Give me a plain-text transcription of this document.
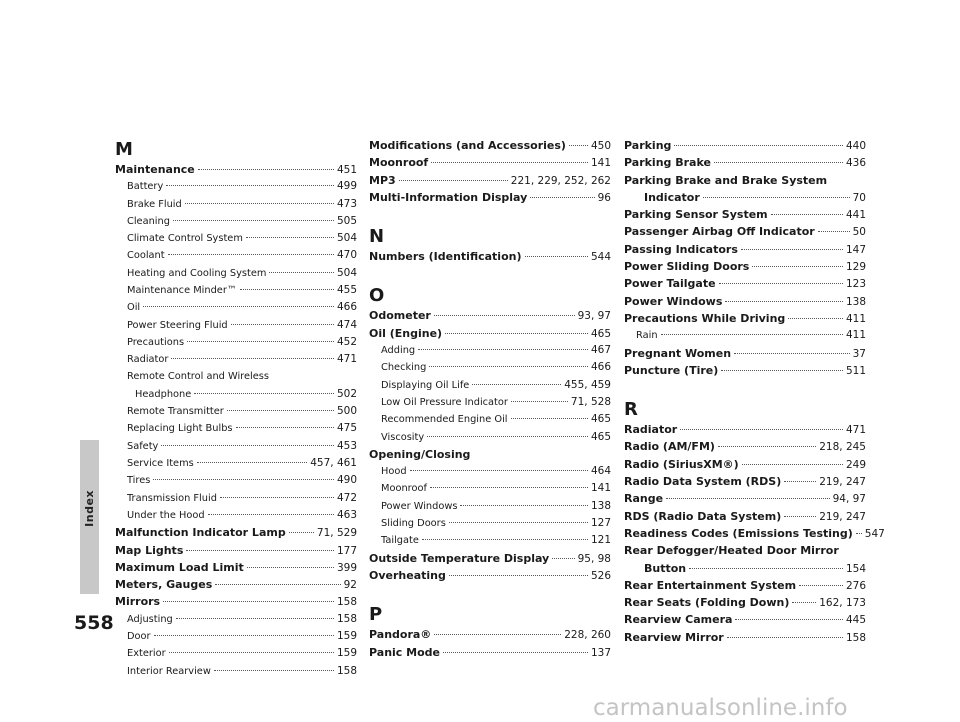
Index
558
M
Maintenance	451
Battery	499
Brake Fluid	473
Cleaning	505
Climate Control System	504
Coolant	470
Heating and Cooling System	504
Maintenance Minder™	455
Oil	466
Power Steering Fluid	474
Precautions	452
Radiator	471
Remote Control and Wireless
Headphone	502
Remote Transmitter	500
Replacing Light Bulbs	475
Safety	453
Service Items	457, 461
Tires	490
Transmission Fluid	472
Under the Hood	463
Malfunction Indicator Lamp	71, 529
Map Lights	177
Maximum Load Limit	399
Meters, Gauges	92
Mirrors	158
Adjusting	158
Door	159
Exterior	159
Interior Rearview	158
Modifications (and Accessories) 450
Moonroof	141
MP3	221, 229, 252, 262
Multi-Information Display	96
N
Numbers (Identification)	544
O
Odometer	93, 97
Oil (Engine)	465
Adding	467
Checking	466
Displaying Oil Life	455, 459
Low Oil Pressure Indicator	71, 528
Recommended Engine Oil	465
Viscosity	465
Opening/Closing
Hood	464
Moonroof	141
Power Windows	138
Sliding Doors	127
Tailgate	121
Outside Temperature Display	95, 98
Overheating	526
P
Pandora®	228, 260
Panic Mode	137
Parking	440
Parking Brake	436
Parking Brake and Brake System
Indicator	70
Parking Sensor System	441
Passenger Airbag Off Indicator	50
Passing Indicators	147
Power Sliding Doors	129
Power Tailgate	123
Power Windows	138
Precautions While Driving	411
Rain	411
Pregnant Women	37
Puncture (Tire)	511
R
Radiator	471
Radio (AM/FM)	218, 245
Radio (SiriusXM®)	249
Radio Data System (RDS)	219, 247
Range	94, 97
RDS (Radio Data System)	219, 247
Readiness Codes (Emissions Testing) 547
Rear Defogger/Heated Door Mirror
Button	154
Rear Entertainment System	276
Rear Seats (Folding Down)	162, 173
Rearview Camera	445
Rearview Mirror	158
carmanualsonline.info
